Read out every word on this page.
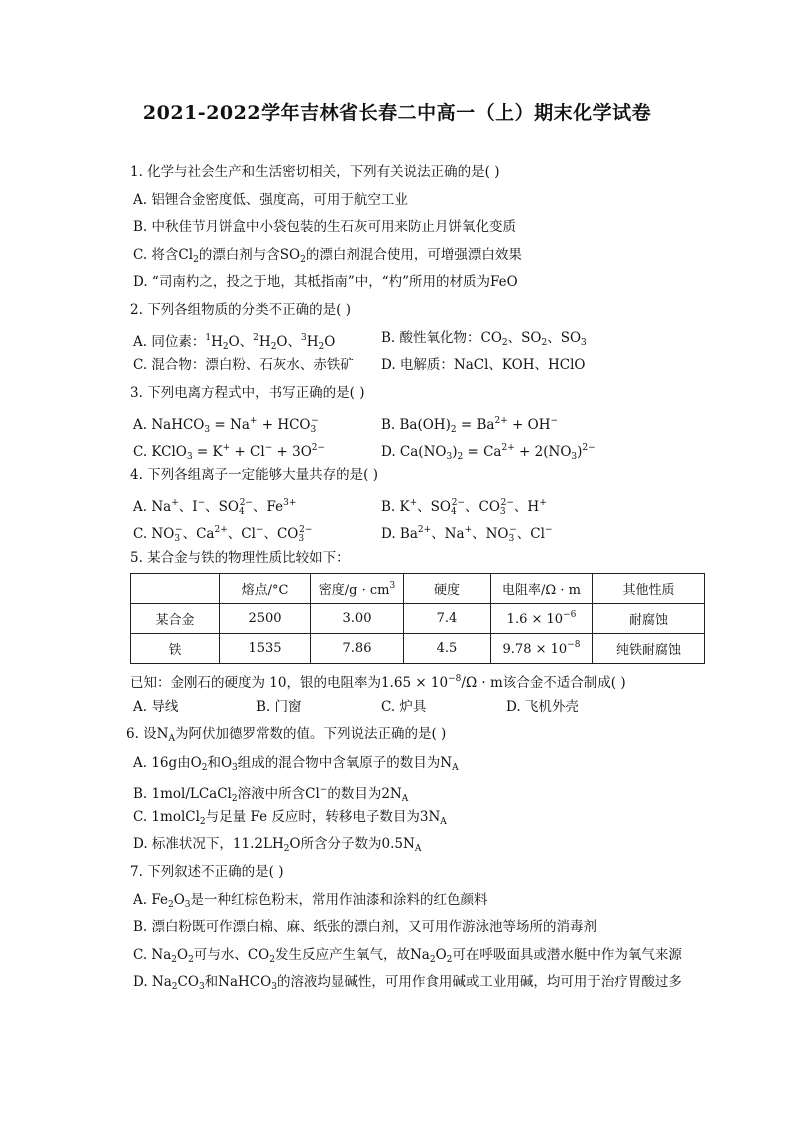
2021-2022学年吉林省长春二中高一（上）期末化学试卷
1. 化学与社会生产和生活密切相关，下列有关说法正确的是( )
A. 铝锂合金密度低、强度高，可用于航空工业
B. 中秋佳节月饼盒中小袋包装的生石灰可用来防止月饼氧化变质
C. 将含$Cl_2$的漂白剂与含$SO_2$的漂白剂混合使用，可增强漂白效果
D. “司南杓之，投之于地，其柢指南”中，“杓”所用的材质为FeO
2. 下列各组物质的分类不正确的是( )
A. 同位素：$^1H_2O$、$^2H_2O$、$^3H_2O$	B. 酸性氧化物：$CO_2$、$SO_2$、$SO_3$
C. 混合物：漂白粉、石灰水、赤铁矿 D. 电解质：NaCl、KOH、HClO
3. 下列电离方程式中，书写正确的是( )
A. NaHCO$_3$ = $Na^+ + HCO_3^-$	B. $Ba(OH)_2 = Ba^{2+} + OH^-$
C. KClO$_3$ = $K^+ + Cl^- + 3O^{2-}$	D. $Ca(NO_3)_2 = Ca^{2+} + 2(NO_3)^{2-}$
4. 下列各组离子一定能够大量共存的是( )
A. Na+、I−、$SO_4^{2-}$、$Fe^{3+}$	B. K+、$SO_4^{2-}$、$CO_3^{2-}$、H+
C. $NO_3^-$、$Ca^{2+}$、Cl−、$CO_3^{2-}$	D. $Ba^{2+}$、Na+、$NO_3^-$、Cl−
5. 某合金与铁的物理性质比较如下：
	熔点/°C	密度$/g \cdot cm^3$	硬度	电阻率/Ω · m	其他性质
某合金	2500	3.00	7.4	$1.6 \times 10^{-6}$	耐腐蚀
铁	1535	7.86	4.5	$9.78 \times 10^{-8}$	纯铁耐腐蚀
已知：金刚石的硬度为 10，银的电阻率为$1.65 \times 10^{-8}/\Omega \cdot m$该合金不适合制成( )
A. 导线	B. 门窗	C. 炉具	D. 飞机外壳
6. 设$N_A$为阿伏加德罗常数的值。下列说法正确的是( )
A. 16g由$O_2$和$O_3$组成的混合物中含氧原子的数目为$N_A$
B. 1mol/LCaCl$_2$溶液中所含Cl−的数目为$2N_A$
C. 1molCl$_2$与足量 Fe 反应时，转移电子数目为$3N_A$
D. 标准状况下，$11.2LH_2O$所含分子数为$0.5N_A$
7. 下列叙述不正确的是( )
A. $Fe_2O_3$是一种红棕色粉末，常用作油漆和涂料的红色颜料
B. 漂白粉既可作漂白棉、麻、纸张的漂白剂，又可用作游泳池等场所的消毒剂
C. $Na_2O_2$可与水、$CO_2$发生反应产生氧气，故$Na_2O_2$可在呼吸面具或潜水艇中作为氧气来源
D. $Na_2CO_3$和NaHCO$_3$的溶液均显碱性，可用作食用碱或工业用碱，均可用于治疗胃酸过多
